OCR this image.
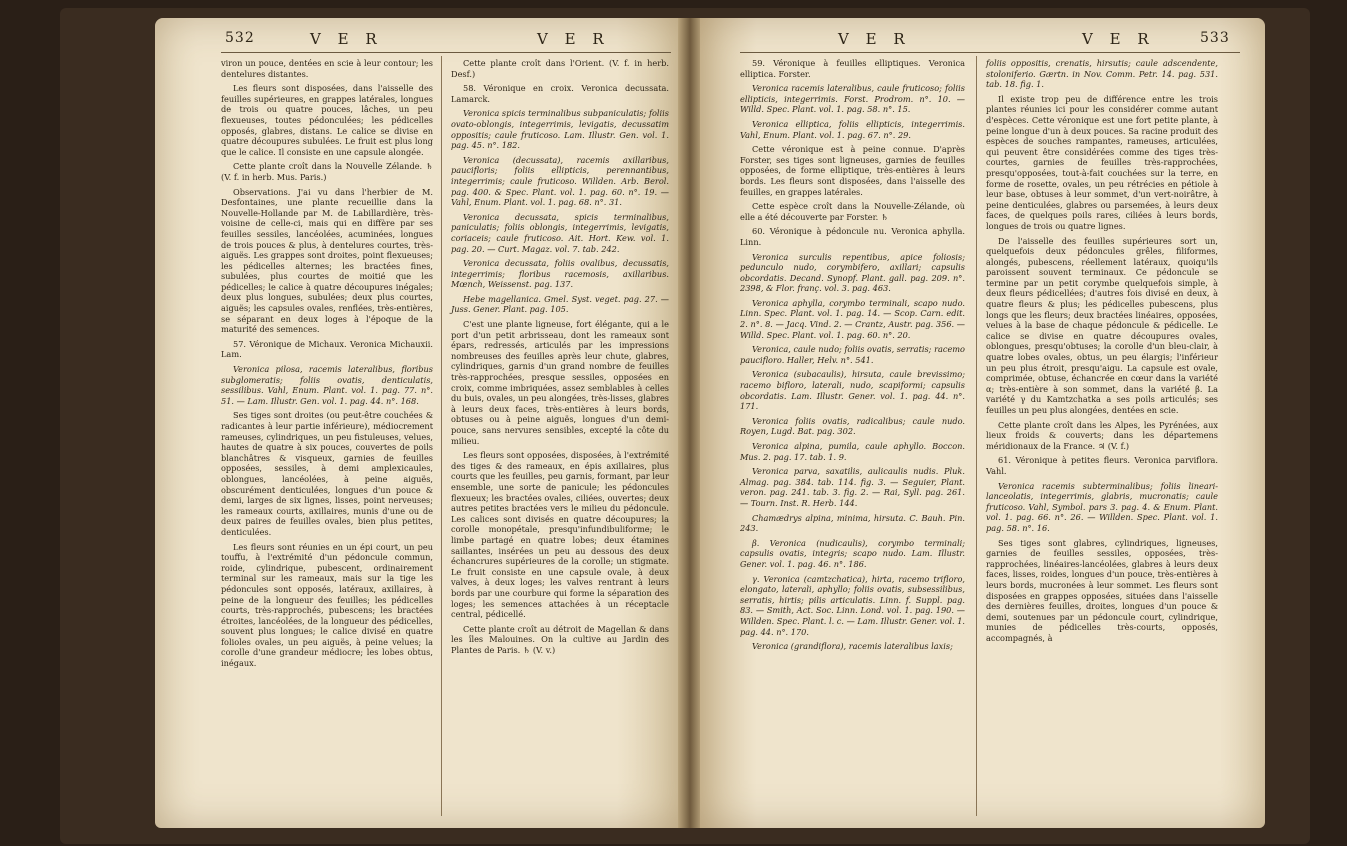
532	V E R	V E R

viron un pouce, dentées en scie à leur contour; les dentelures distantes.

Les fleurs sont disposées, dans l'aisselle des feuilles supérieures, en grappes latérales, longues de trois ou quatre pouces, lâches, un peu flexueuses, toutes pédonculées; les pédicelles opposés, glabres, distans. Le calice se divise en quatre découpures subulées. Le fruit est plus long que le calice. Il consiste en une capsule alongée.

Cette plante croît dans la Nouvelle Zélande. ♄ (V. f. in herb. Mus. Paris.)

Observations. J'ai vu dans l'herbier de M. Desfontaines, une plante recueillie dans la Nouvelle-Hollande par M. de Labillardière, très-voisine de celle-ci, mais qui en diffère par ses feuilles sessiles, lancéolées, acuminées, longues de trois pouces & plus, à dentelures courtes, très-aiguës. Les grappes sont droites, point flexueuses; les pédicelles alternes; les bractées fines, subulées, plus courtes de moitié que les pédicelles; le calice à quatre découpures inégales; deux plus longues, subulées; deux plus courtes, aiguës; les capsules ovales, renflées, très-entières, se séparant en deux loges à l'époque de la maturité des semences.

57. Véronique de Michaux. Veronica Michauxii. Lam.

Veronica pilosa, racemis lateralibus, floribus subglomeratis; foliis ovatis, denticulatis, sessilibus. Vahl, Enum. Plant. vol. 1. pag. 77. n°. 51. — Lam. Illustr. Gen. vol. 1. pag. 44. n°. 168.

Ses tiges sont droites (ou peut-être couchées & radicantes à leur partie inférieure), médiocrement rameuses, cylindriques, un peu fistuleuses, velues, hautes de quatre à six pouces, couvertes de poils blanchâtres & visqueux, garnies de feuilles opposées, sessiles, à demi amplexicaules, oblongues, lancéolées, à peine aiguës, obscurément denticulées, longues d'un pouce & demi, larges de six lignes, lisses, point nerveuses; les rameaux courts, axillaires, munis d'une ou de deux paires de feuilles ovales, bien plus petites, denticulées.

Les fleurs sont réunies en un épi court, un peu touffu, à l'extrémité d'un pédoncule commun, roide, cylindrique, pubescent, ordinairement terminal sur les rameaux, mais sur la tige les pédoncules sont opposés, latéraux, axillaires, à peine de la longueur des feuilles; les pédicelles courts, très-rapprochés, pubescens; les bractées étroites, lancéolées, de la longueur des pédicelles, souvent plus longues; le calice divisé en quatre folioles ovales, un peu aiguës, à peine velues; la corolle d'une grandeur médiocre; les lobes obtus, inégaux.

Cette plante croît dans l'Orient. (V. f. in herb. Desf.)

58. Véronique en croix. Veronica decussata. Lamarck.

Veronica spicis terminalibus subpaniculatis; foliis ovato-oblongis, integerrimis, levigatis, decussatim oppositis; caule fruticoso. Lam. Illustr. Gen. vol. 1. pag. 45. n°. 182.

Veronica (decussata), racemis axillaribus, paucifloris; foliis ellipticis, perennantibus, integerrimis; caule fruticoso. Willden. Arb. Berol. pag. 400. & Spec. Plant. vol. 1. pag. 60. n°. 19. — Vahl, Enum. Plant. vol. 1. pag. 68. n°. 31.

Veronica decussata, spicis terminalibus, paniculatis; foliis oblongis, integerrimis, levigatis, coriaceis; caule fruticoso. Ait. Hort. Kew. vol. 1. pag. 20. — Curt. Magaz. vol. 7. tab. 242.

Veronica decussata, foliis ovalibus, decussatis, integerrimis; floribus racemosis, axillaribus. Mœnch, Weissenst. pag. 137.

Hebe magellanica. Gmel. Syst. veget. pag. 27. — Juss. Gener. Plant. pag. 105.

C'est une plante ligneuse, fort élégante, qui a le port d'un petit arbrisseau, dont les rameaux sont épars, redressés, articulés par les impressions nombreuses des feuilles après leur chute, glabres, cylindriques, garnis d'un grand nombre de feuilles très-rapprochées, presque sessiles, opposées en croix, comme imbriquées, assez semblables à celles du buis, ovales, un peu alongées, très-lisses, glabres à leurs deux faces, très-entières à leurs bords, obtuses ou à peine aiguës, longues d'un demi-pouce, sans nervures sensibles, excepté la côte du milieu.

Les fleurs sont opposées, disposées, à l'extrémité des tiges & des rameaux, en épis axillaires, plus courts que les feuilles, peu garnis, formant, par leur ensemble, une sorte de panicule; les pédoncules flexueux; les bractées ovales, ciliées, ouvertes; deux autres petites bractées vers le milieu du pédoncule. Les calices sont divisés en quatre découpures; la corolle monopétale, presqu'infundibuliforme; le limbe partagé en quatre lobes; deux étamines saillantes, insérées un peu au dessous des deux échancrures supérieures de la corolle; un stigmate. Le fruit consiste en une capsule ovale, à deux valves, à deux loges; les valves rentrant à leurs bords par une courbure qui forme la séparation des loges; les semences attachées à un réceptacle central, pédicellé.

Cette plante croît au détroit de Magellan & dans les îles Malouines. On la cultive au Jardin des Plantes de Paris. ♄ (V. v.)

V E R	V E R	533

59. Véronique à feuilles elliptiques. Veronica elliptica. Forster.

Veronica racemis lateralibus, caule fruticoso; foliis ellipticis, integerrimis. Forst. Prodrom. n°. 10. — Willd. Spec. Plant. vol. 1. pag. 58. n°. 15.

Veronica elliptica, foliis ellipticis, integerrimis. Vahl, Enum. Plant. vol. 1. pag. 67. n°. 29.

Cette véronique est à peine connue. D'après Forster, ses tiges sont ligneuses, garnies de feuilles opposées, de forme elliptique, très-entières à leurs bords. Les fleurs sont disposées, dans l'aisselle des feuilles, en grappes latérales.

Cette espèce croît dans la Nouvelle-Zélande, où elle a été découverte par Forster. ♄

60. Véronique à pédoncule nu. Veronica aphylla. Linn.

Veronica surculis repentibus, apice foliosis; pedunculo nudo, corymbifero, axillari; capsulis obcordatis. Decand. Synopf. Plant. gall. pag. 209. n°. 2398, & Flor. franç. vol. 3. pag. 463.

Veronica aphylla, corymbo terminali, scapo nudo. Linn. Spec. Plant. vol. 1. pag. 14. — Scop. Carn. edit. 2. n°. 8. — Jacq. Vind. 2. — Crantz, Austr. pag. 356. — Willd. Spec. Plant. vol. 1. pag. 60. n°. 20.

Veronica, caule nudo; foliis ovatis, serratis; racemo paucifloro. Haller, Helv. n°. 541.

Veronica (subacaulis), hirsuta, caule brevissimo; racemo bifloro, laterali, nudo, scapiformi; capsulis obcordatis. Lam. Illustr. Gener. vol. 1. pag. 44. n°. 171.

Veronica foliis ovatis, radicalibus; caule nudo. Royen, Lugd. Bat. pag. 302.

Veronica alpina, pumila, caule aphyllo. Boccon. Mus. 2. pag. 17. tab. 1. 9.

Veronica parva, saxatilis, aulicaulis nudis. Pluk. Almag. pag. 384. tab. 114. fig. 3. — Seguier, Plant. veron. pag. 241. tab. 3. fig. 2. — Rai, Syll. pag. 261. — Tourn. Inst. R. Herb. 144.

Chamædrys alpina, minima, hirsuta. C. Bauh. Pin. 243.

β. Veronica (nudicaulis), corymbo terminali; capsulis ovatis, integris; scapo nudo. Lam. Illustr. Gener. vol. 1. pag. 46. n°. 186.

γ. Veronica (camtzchatica), hirta, racemo trifloro, elongato, laterali, aphyllo; foliis ovatis, subsessilibus, serratis, hirtis; pilis articulatis. Linn. f. Suppl. pag. 83. — Smith, Act. Soc. Linn. Lond. vol. 1. pag. 190. — Willden. Spec. Plant. l. c. — Lam. Illustr. Gener. vol. 1. pag. 44. n°. 170.

Veronica (grandiflora), racemis lateralibus laxis;

foliis oppositis, crenatis, hirsutis; caule adscendente, stoloniferio. Gærtn. in Nov. Comm. Petr. 14. pag. 531. tab. 18. fig. 1.

Il existe trop peu de différence entre les trois plantes réunies ici pour les considérer comme autant d'espèces. Cette véronique est une fort petite plante, à peine longue d'un à deux pouces. Sa racine produit des espèces de souches rampantes, rameuses, articulées, qui peuvent être considérées comme des tiges très-courtes, garnies de feuilles très-rapprochées, presqu'opposées, tout-à-fait couchées sur la terre, en forme de rosette, ovales, un peu rétrécies en pétiole à leur base, obtuses à leur sommet, d'un vert-noirâtre, à peine denticulées, glabres ou parsemées, à leurs deux faces, de quelques poils rares, ciliées à leurs bords, longues de trois ou quatre lignes.

De l'aisselle des feuilles supérieures sort un, quelquefois deux pédoncules grêles, filiformes, alongés, pubescens, réellement latéraux, quoiqu'ils paroissent souvent terminaux. Ce pédoncule se termine par un petit corymbe quelquefois simple, à deux fleurs pédicellées; d'autres fois divisé en deux, à quatre fleurs & plus; les pédicelles pubescens, plus longs que les fleurs; deux bractées linéaires, opposées, velues à la base de chaque pédoncule & pédicelle. Le calice se divise en quatre découpures ovales, oblongues, presqu'obtuses; la corolle d'un bleu-clair, à quatre lobes ovales, obtus, un peu élargis; l'inférieur un peu plus étroit, presqu'aigu. La capsule est ovale, comprimée, obtuse, échancrée en cœur dans la variété α; très-entière à son sommet, dans la variété β. La variété γ du Kamtzchatka a ses poils articulés; ses feuilles un peu plus alongées, dentées en scie.

Cette plante croît dans les Alpes, les Pyrénées, aux lieux froids & couverts; dans les départemens méridionaux de la France. ♃ (V. f.)

61. Véronique à petites fleurs. Veronica parviflora. Vahl.

Veronica racemis subterminalibus; foliis lineari-lanceolatis, integerrimis, glabris, mucronatis; caule fruticoso. Vahl, Symbol. pars 3. pag. 4. & Enum. Plant. vol. 1. pag. 66. n°. 26. — Willden. Spec. Plant. vol. 1. pag. 58. n°. 16.

Ses tiges sont glabres, cylindriques, ligneuses, garnies de feuilles sessiles, opposées, très-rapprochées, linéaires-lancéolées, glabres à leurs deux faces, lisses, roides, longues d'un pouce, très-entières à leurs bords, mucronées à leur sommet. Les fleurs sont disposées en grappes opposées, situées dans l'aisselle des dernières feuilles, droites, longues d'un pouce & demi, soutenues par un pédoncule court, cylindrique, munies de pédicelles très-courts, opposés, accompagnés, à
